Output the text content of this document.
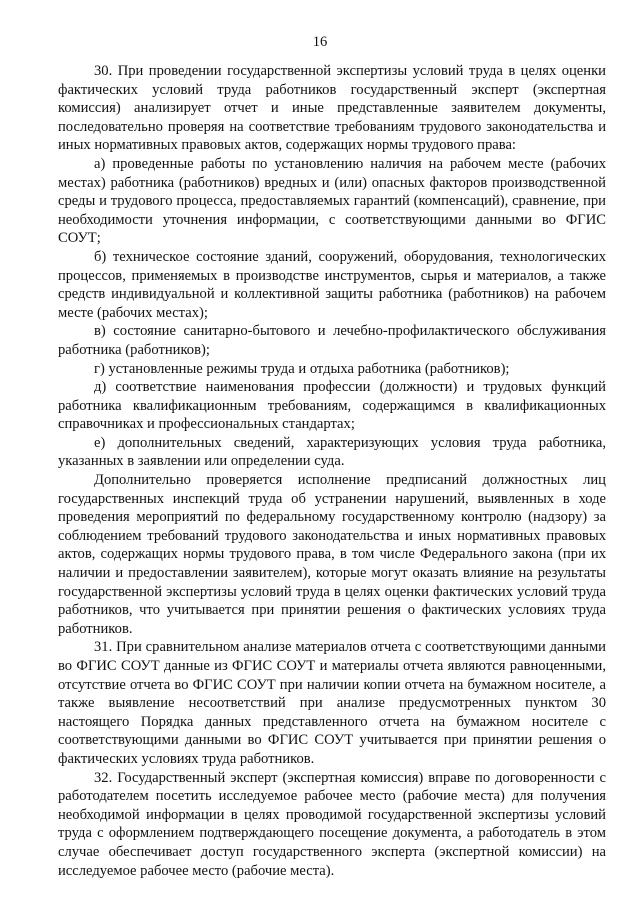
16

30. При проведении государственной экспертизы условий труда в целях оценки фактических условий труда работников государственный эксперт (экспертная комиссия) анализирует отчет и иные представленные заявителем документы, последовательно проверяя на соответствие требованиям трудового законодательства и иных нормативных правовых актов, содержащих нормы трудового права:

а) проведенные работы по установлению наличия на рабочем месте (рабочих местах) работника (работников) вредных и (или) опасных факторов производственной среды и трудового процесса, предоставляемых гарантий (компенсаций), сравнение, при необходимости уточнения информации, с соответствующими данными во ФГИС СОУТ;

б) техническое состояние зданий, сооружений, оборудования, технологических процессов, применяемых в производстве инструментов, сырья и материалов, а также средств индивидуальной и коллективной защиты работника (работников) на рабочем месте (рабочих местах);

в) состояние санитарно-бытового и лечебно-профилактического обслуживания работника (работников);

г) установленные режимы труда и отдыха работника (работников);

д) соответствие наименования профессии (должности) и трудовых функций работника квалификационным требованиям, содержащимся в квалификационных справочниках и профессиональных стандартах;

е) дополнительных сведений, характеризующих условия труда работника, указанных в заявлении или определении суда.

Дополнительно проверяется исполнение предписаний должностных лиц государственных инспекций труда об устранении нарушений, выявленных в ходе проведения мероприятий по федеральному государственному контролю (надзору) за соблюдением требований трудового законодательства и иных нормативных правовых актов, содержащих нормы трудового права, в том числе Федерального закона (при их наличии и предоставлении заявителем), которые могут оказать влияние на результаты государственной экспертизы условий труда в целях оценки фактических условий труда работников, что учитывается при принятии решения о фактических условиях труда работников.

31. При сравнительном анализе материалов отчета с соответствующими данными во ФГИС СОУТ данные из ФГИС СОУТ и материалы отчета являются равноценными, отсутствие отчета во ФГИС СОУТ при наличии копии отчета на бумажном носителе, а также выявление несоответствий при анализе предусмотренных пунктом 30 настоящего Порядка данных представленного отчета на бумажном носителе с соответствующими данными во ФГИС СОУТ учитывается при принятии решения о фактических условиях труда работников.

32. Государственный эксперт (экспертная комиссия) вправе по договоренности с работодателем посетить исследуемое рабочее место (рабочие места) для получения необходимой информации в целях проводимой государственной экспертизы условий труда с оформлением подтверждающего посещение документа, а работодатель в этом случае обеспечивает доступ государственного эксперта (экспертной комиссии) на исследуемое рабочее место (рабочие места).
